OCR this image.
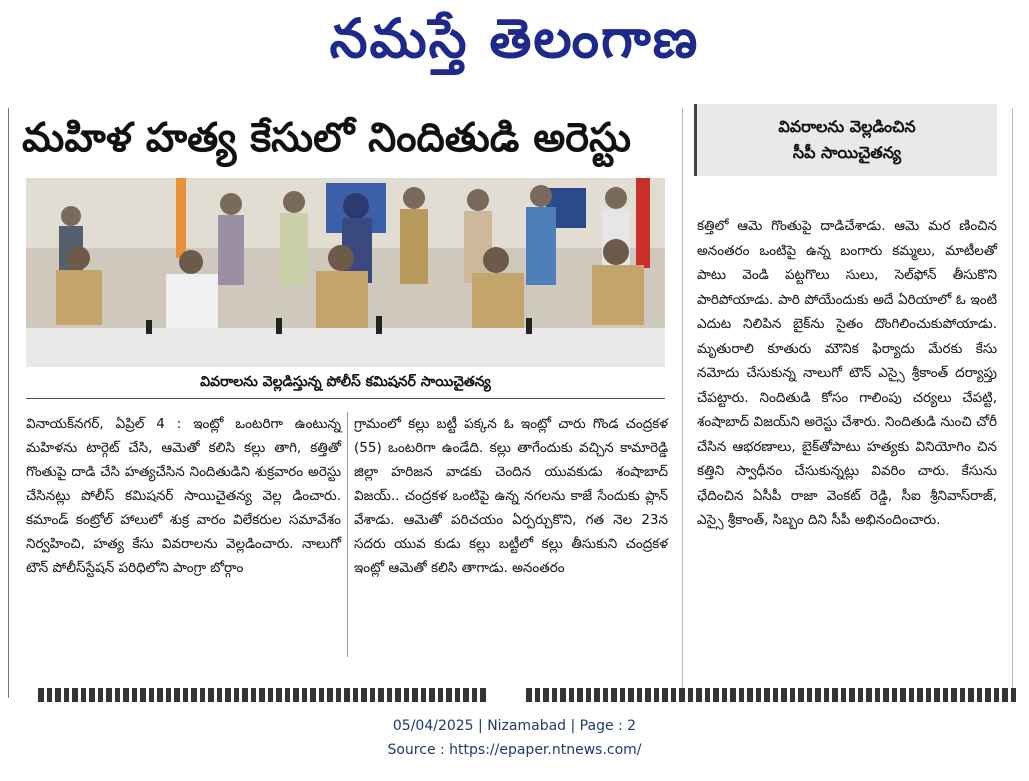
నమస్తే తెలంగాణ
మహిళ హత్య కేసులో నిందితుడి అరెస్టు	వివరాలను వెల్లడించిన
సీపీ సాయిచైతన్య
వివరాలను వెల్లడిస్తున్న పోలీస్ కమిషనర్ సాయిచైతన్య

వినాయక్‌నగర్, ఏప్రిల్ 4 : ఇంట్లో ఒంటరిగా ఉంటున్న మహిళను టార్గెట్ చేసి, ఆమెతో కలిసి కల్లు తాగి, కత్తితో గొంతుపై దాడి చేసి హత్యచేసిన నిందితుడిని శుక్రవారం అరెస్టు చేసినట్లు పోలీస్ కమిషనర్ సాయిచైతన్య వెల్ల డించారు. కమాండ్ కంట్రోల్ హాలులో శుక్ర వారం విలేకరుల సమావేశం నిర్వహించి, హత్య కేసు వివరాలను వెల్లడించారు. నాలుగో టౌన్ పోలీస్‌స్టేషన్ పరిధిలోని పాంగ్రా బోర్గాం

గ్రామంలో కల్లు బట్టీ పక్కన ఓ ఇంట్లో చారు గొండ చంద్రకళ (55) ఒంటరిగా ఉండేది. కల్లు తాగేందుకు వచ్చిన కామారెడ్డి జిల్లా హరిజన వాడకు చెందిన యువకుడు శంషాబాద్ విజయ్.. చంద్రకళ ఒంటిపై ఉన్న నగలను కాజే సేందుకు ప్లాన్ వేశాడు. ఆమెతో పరిచయం ఏర్పర్చుకొని, గత నెల 23న సదరు యువ కుడు కల్లు బట్టీలో కల్లు తీసుకుని చంద్రకళ ఇంట్లో ఆమెతో కలిసి తాగాడు. అనంతరం

కత్తిలో ఆమె గొంతుపై దాడిచేశాడు. ఆమె మర ణించిన అనంతరం ఒంటిపై ఉన్న బంగారు కమ్మలు, మాటీలతో పాటు వెండి పట్టగొలు సులు, సెల్‌ఫోన్ తీసుకొని పారిపోయాడు. పారి పోయేందుకు అదే ఏరియాలో ఓ ఇంటి ఎదుట నిలిపిన బైక్‌ను సైతం దొంగిలించుకుపోయాడు. మృతురాలి కూతురు మౌనిక ఫిర్యాదు మేరకు కేసు నమోదు చేసుకున్న నాలుగో టౌన్ ఎస్సై శ్రీకాంత్ దర్యాప్తు చేపట్టారు. నిందితుడి కోసం గాలింపు చర్యలు చేపట్టి, శంషాబాద్ విజయ్‌ని అరెస్టు చేశారు. నిందితుడి నుంచి చోరీ చేసిన ఆభరణాలు, బైక్‌తోపాటు హత్యకు వినియోగిం చిన కత్తిని స్వాధీనం చేసుకున్నట్లు వివరిం చారు. కేసును ఛేదించిన ఏసీపీ రాజా వెంకట్ రెడ్డి, సీఐ శ్రీనివాస్‌రాజ్, ఎస్సై శ్రీకాంత్, సిబ్బం దిని సీపీ అభినందించారు.

05/04/2025 | Nizamabad | Page : 2
Source : https://epaper.ntnews.com/
